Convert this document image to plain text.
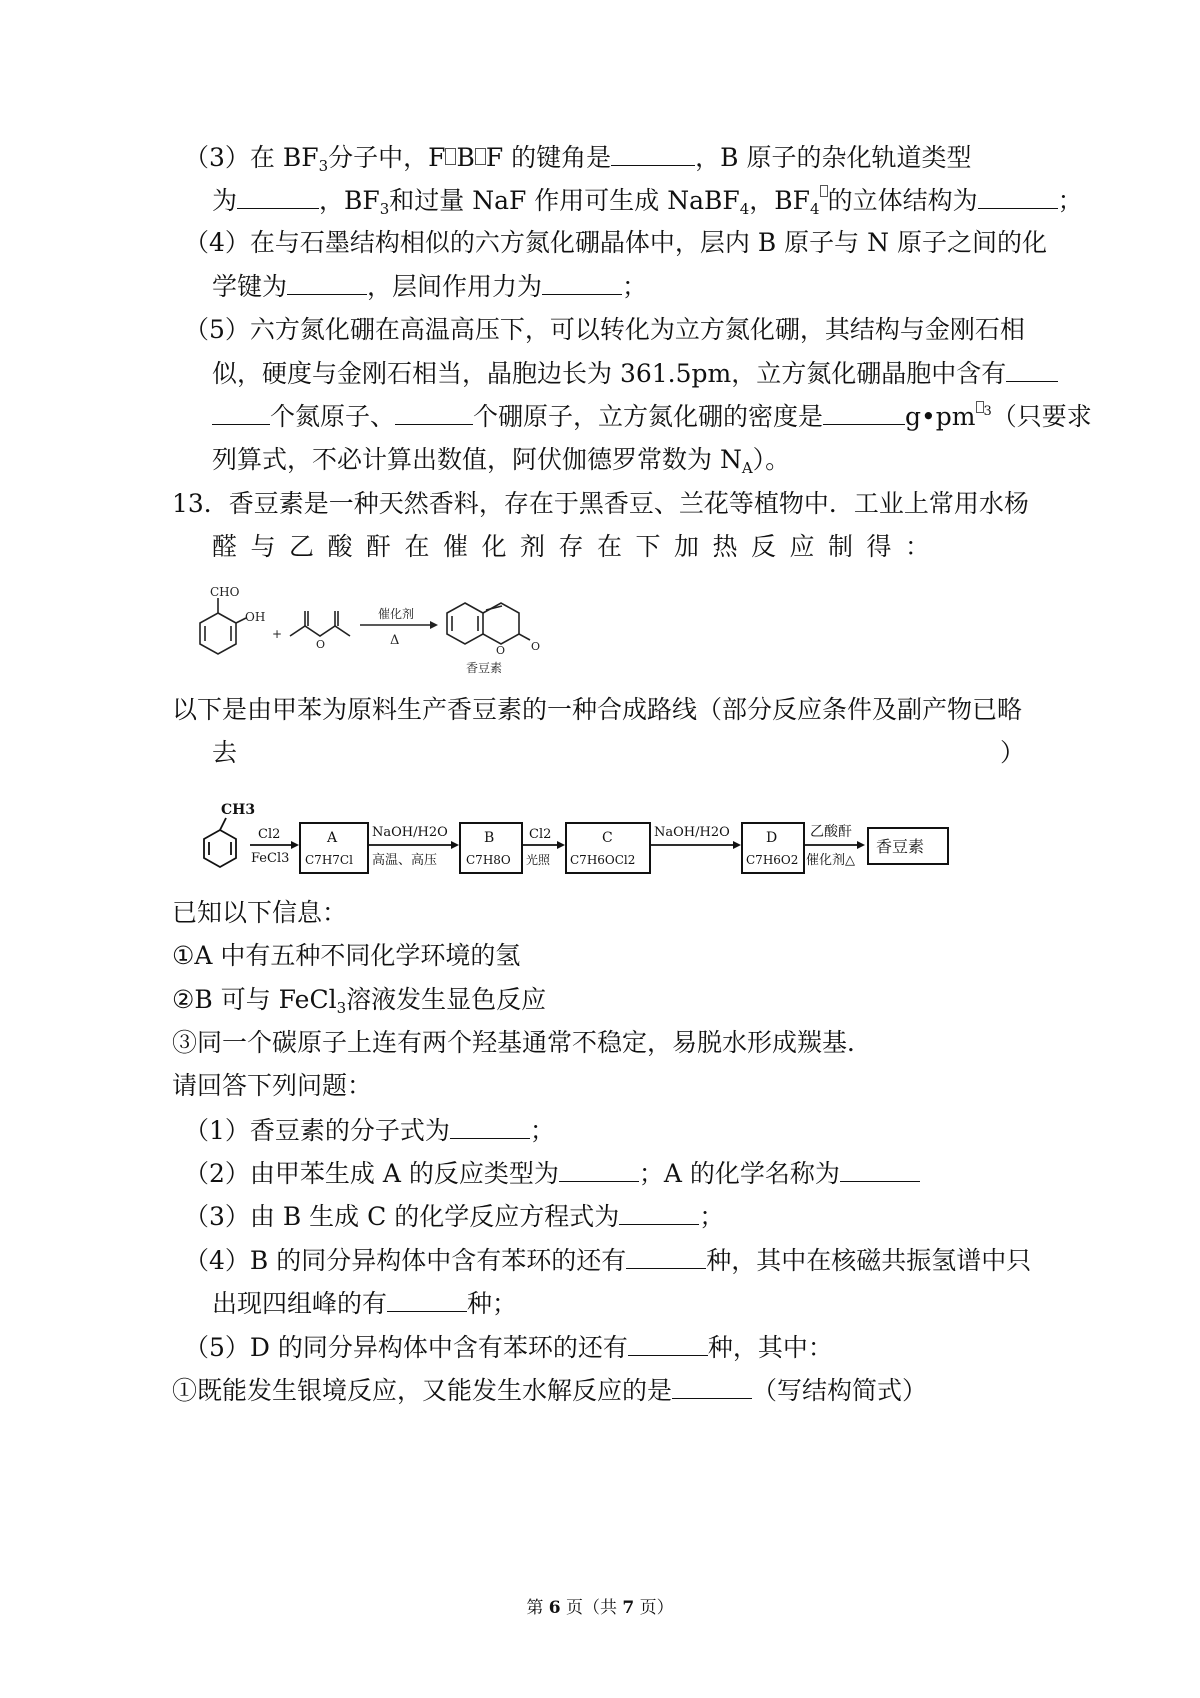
（3）在 $BF_3$分子中，F B F 的键角是	，B 原子的杂化轨道类型
为	，$BF_3$和过量 NaF 作用可生成 NaBF$_4$，$BF_4$ 的立体结构为	；
（4）在与石墨结构相似的六方氮化硼晶体中，层内 B 原子与 N 原子之间的化
学键为	，层间作用力为	；
（5）六方氮化硼在高温高压下，可以转化为立方氮化硼，其结构与金刚石相
似，硬度与金刚石相当，晶胞边长为 361.5pm，立方氮化硼晶胞中含有
个氮原子、	个硼原子，立方氮化硼的密度是	g•pm $^3$（只要求
列算式，不必计算出数值，阿伏伽德罗常数为 $N_A$）。
13．香豆素是一种天然香料，存在于黑香豆、兰花等植物中．工业上常用水杨
醛与乙酸酐在催化剂存在下加热反应制得：
CHO
OH
+
O
催化剂
Δ
O O
香豆素
以下是由甲苯为原料生产香豆素的一种合成路线（部分反应条件及副产物已略
去	）
CH3
Cl2
FeCl3
A
C7H7Cl
NaOH/H2O
高温、高压
B
C7H8O
Cl2
光照
C
C7H6OCl2
NaOH/H2O	D
C7H6O2
乙酸酐
催化剂△
香豆素
已知以下信息：
①A 中有五种不同化学环境的氢
②B 可与 FeCl$_3$溶液发生显色反应
③同一个碳原子上连有两个羟基通常不稳定，易脱水形成羰基．
请回答下列问题：
（1）香豆素的分子式为	；
（2）由甲苯生成 A 的反应类型为	；A 的化学名称为
（3）由 B 生成 C 的化学反应方程式为	；
（4）B 的同分异构体中含有苯环的还有	种，其中在核磁共振氢谱中只
出现四组峰的有	种；
（5）D 的同分异构体中含有苯环的还有	种，其中：
①既能发生银境反应，又能发生水解反应的是	（写结构简式）
第 6 页（共 7 页）
